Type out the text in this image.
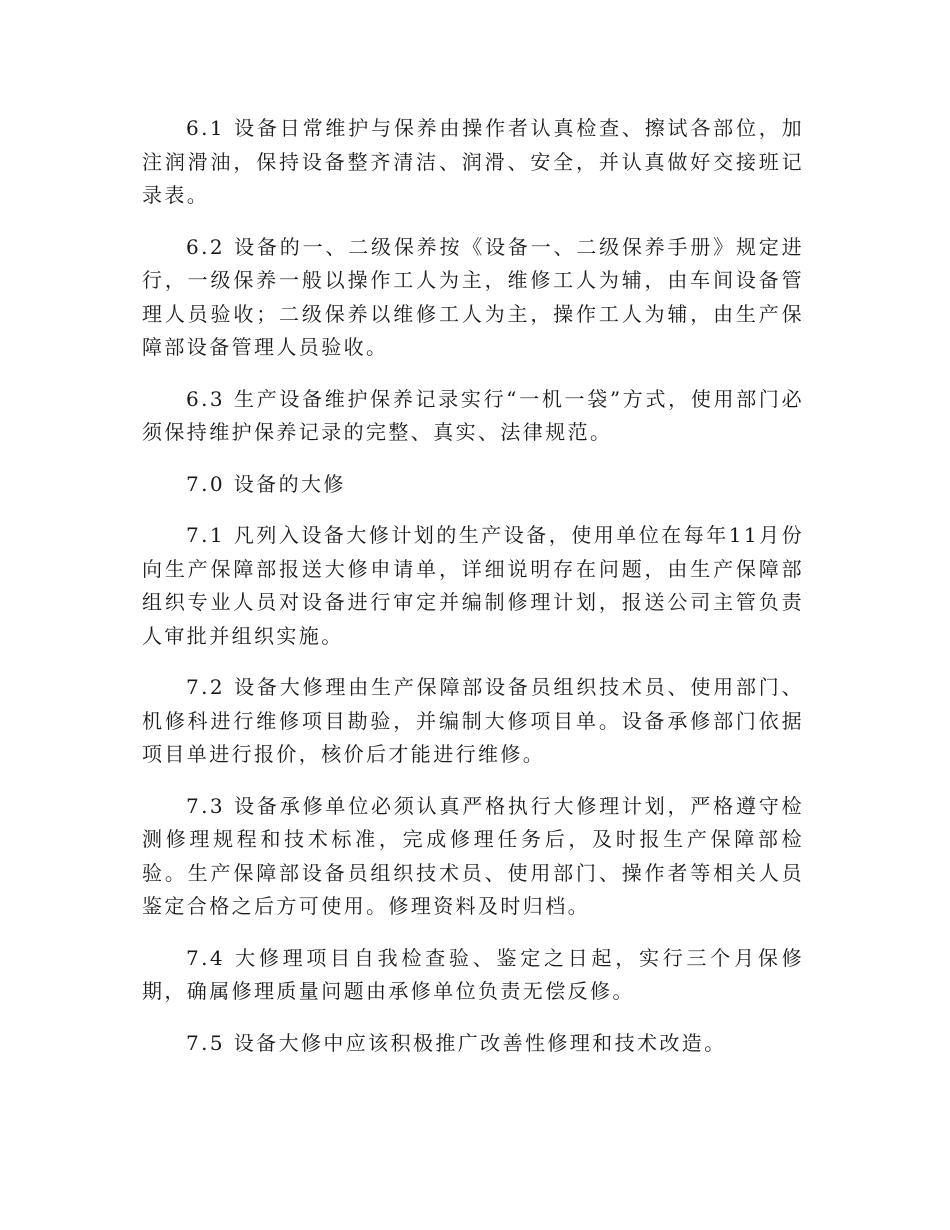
6.1 设备日常维护与保养由操作者认真检查、擦试各部位，加注润滑油，保持设备整齐清洁、润滑、安全，并认真做好交接班记录表。

6.2 设备的一、二级保养按《设备一、二级保养手册》规定进行，一级保养一般以操作工人为主，维修工人为辅，由车间设备管理人员验收；二级保养以维修工人为主，操作工人为辅，由生产保障部设备管理人员验收。

6.3 生产设备维护保养记录实行“一机一袋”方式，使用部门必须保持维护保养记录的完整、真实、法律规范。

7.0 设备的大修

7.1 凡列入设备大修计划的生产设备，使用单位在每年11月份向生产保障部报送大修申请单，详细说明存在问题，由生产保障部组织专业人员对设备进行审定并编制修理计划，报送公司主管负责人审批并组织实施。

7.2 设备大修理由生产保障部设备员组织技术员、使用部门、机修科进行维修项目勘验，并编制大修项目单。设备承修部门依据项目单进行报价，核价后才能进行维修。

7.3 设备承修单位必须认真严格执行大修理计划，严格遵守检测修理规程和技术标准，完成修理任务后，及时报生产保障部检验。生产保障部设备员组织技术员、使用部门、操作者等相关人员鉴定合格之后方可使用。修理资料及时归档。

7.4 大修理项目自我检查验、鉴定之日起，实行三个月保修期，确属修理质量问题由承修单位负责无偿反修。

7.5 设备大修中应该积极推广改善性修理和技术改造。
